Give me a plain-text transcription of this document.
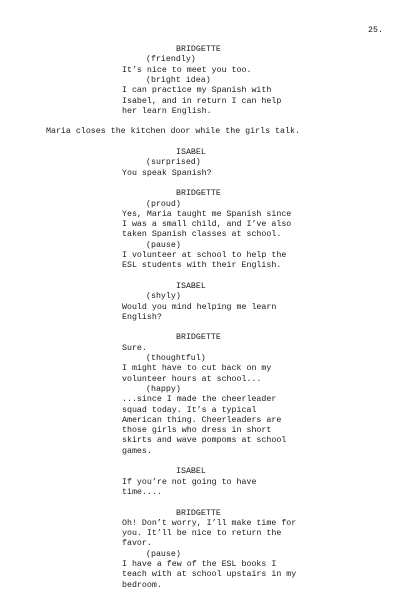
25.
BRIDGETTE
(friendly)
It’s nice to meet you too.
(bright idea)
I can practice my Spanish with
Isabel, and in return I can help
her learn English.
Maria closes the kitchen door while the girls talk.
ISABEL
(surprised)
You speak Spanish?
BRIDGETTE
(proud)
Yes, Maria taught me Spanish since
I was a small child, and I’ve also
taken Spanish classes at school.
(pause)
I volunteer at school to help the
ESL students with their English.
ISABEL
(shyly)
Would you mind helping me learn
English?
BRIDGETTE
Sure.
(thoughtful)
I might have to cut back on my
volunteer hours at school...
(happy)
...since I made the cheerleader
squad today. It’s a typical
American thing. Cheerleaders are
those girls who dress in short
skirts and wave pompoms at school
games.
ISABEL
If you’re not going to have
time....
BRIDGETTE
Oh! Don’t worry, I’ll make time for
you. It’ll be nice to return the
favor.
(pause)
I have a few of the ESL books I
teach with at school upstairs in my
bedroom.
